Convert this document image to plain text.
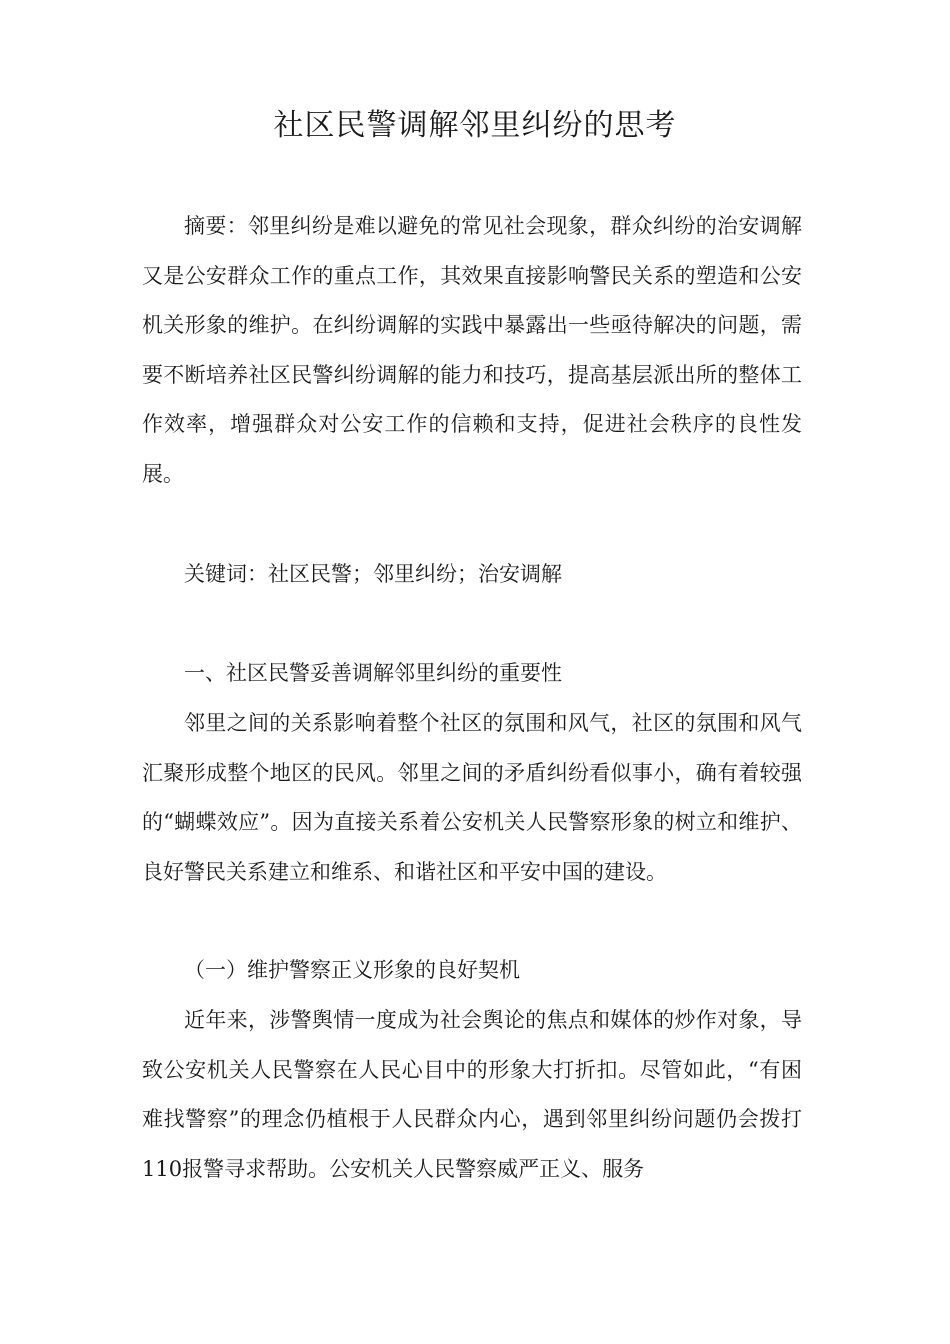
社区民警调解邻里纠纷的思考

摘要：邻里纠纷是难以避免的常见社会现象，群众纠纷的治安调解又是公安群众工作的重点工作，其效果直接影响警民关系的塑造和公安机关形象的维护。在纠纷调解的实践中暴露出一些亟待解决的问题，需要不断培养社区民警纠纷调解的能力和技巧，提高基层派出所的整体工作效率，增强群众对公安工作的信赖和支持，促进社会秩序的良性发展。

关键词：社区民警；邻里纠纷；治安调解

一、社区民警妥善调解邻里纠纷的重要性

邻里之间的关系影响着整个社区的氛围和风气，社区的氛围和风气汇聚形成整个地区的民风。邻里之间的矛盾纠纷看似事小，确有着较强的“蝴蝶效应”。因为直接关系着公安机关人民警察形象的树立和维护、良好警民关系建立和维系、和谐社区和平安中国的建设。

（一）维护警察正义形象的良好契机

近年来，涉警舆情一度成为社会舆论的焦点和媒体的炒作对象，导致公安机关人民警察在人民心目中的形象大打折扣。尽管如此，“有困难找警察”的理念仍植根于人民群众内心，遇到邻里纠纷问题仍会拨打110报警寻求帮助。公安机关人民警察威严正义、服务
